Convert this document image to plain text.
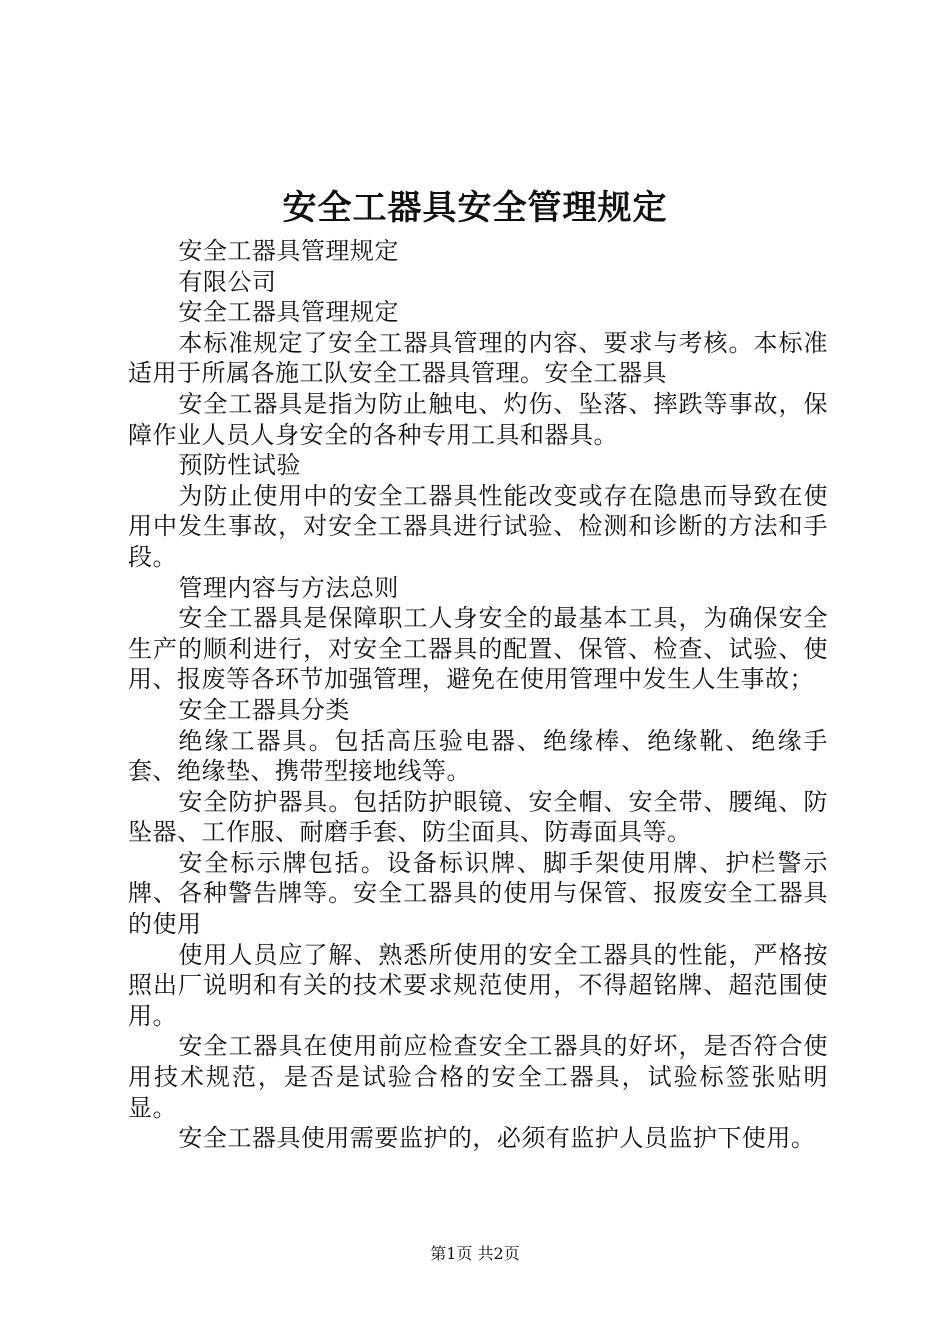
安全工器具安全管理规定

安全工器具管理规定

有限公司

安全工器具管理规定

本标准规定了安全工器具管理的内容、要求与考核。本标准适用于所属各施工队安全工器具管理。安全工器具

安全工器具是指为防止触电、灼伤、坠落、摔跌等事故，保障作业人员人身安全的各种专用工具和器具。

预防性试验

为防止使用中的安全工器具性能改变或存在隐患而导致在使用中发生事故，对安全工器具进行试验、检测和诊断的方法和手段。

管理内容与方法总则

安全工器具是保障职工人身安全的最基本工具，为确保安全生产的顺利进行，对安全工器具的配置、保管、检查、试验、使用、报废等各环节加强管理，避免在使用管理中发生人生事故；

安全工器具分类

绝缘工器具。包括高压验电器、绝缘棒、绝缘靴、绝缘手套、绝缘垫、携带型接地线等。

安全防护器具。包括防护眼镜、安全帽、安全带、腰绳、防坠器、工作服、耐磨手套、防尘面具、防毒面具等。

安全标示牌包括。设备标识牌、脚手架使用牌、护栏警示牌、各种警告牌等。安全工器具的使用与保管、报废安全工器具的使用

使用人员应了解、熟悉所使用的安全工器具的性能，严格按照出厂说明和有关的技术要求规范使用，不得超铭牌、超范围使用。

安全工器具在使用前应检查安全工器具的好坏，是否符合使用技术规范，是否是试验合格的安全工器具，试验标签张贴明显。

安全工器具使用需要监护的，必须有监护人员监护下使用。

第1页 共2页
